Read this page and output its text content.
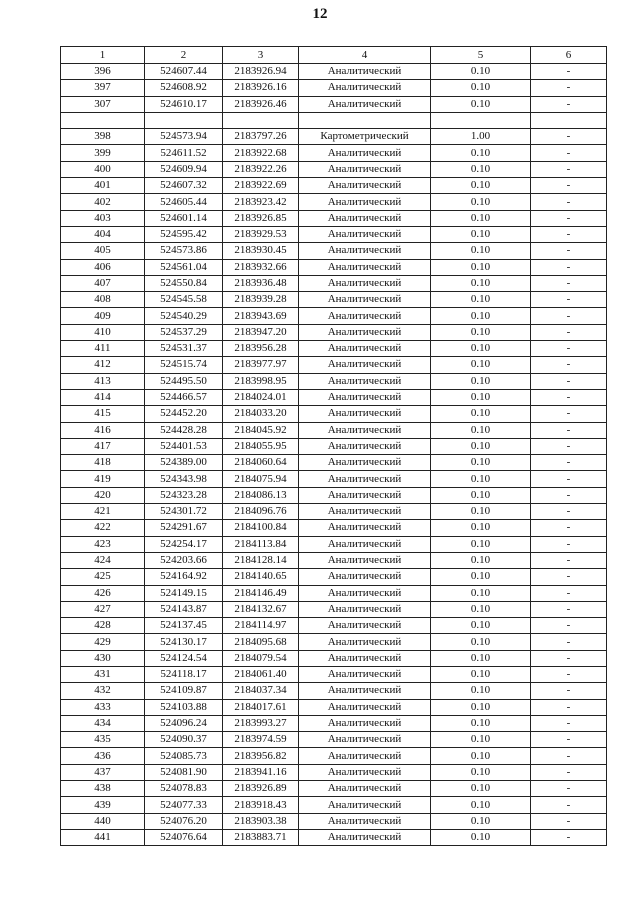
12
1	2	3	4	5	6
396	524607.44	2183926.94	Аналитический	0.10	-
397	524608.92	2183926.16	Аналитический	0.10	-
307	524610.17	2183926.46	Аналитический	0.10	-

398	524573.94	2183797.26	Картометрический	1.00	-
399	524611.52	2183922.68	Аналитический	0.10	-
400	524609.94	2183922.26	Аналитический	0.10	-
401	524607.32	2183922.69	Аналитический	0.10	-
402	524605.44	2183923.42	Аналитический	0.10	-
403	524601.14	2183926.85	Аналитический	0.10	-
404	524595.42	2183929.53	Аналитический	0.10	-
405	524573.86	2183930.45	Аналитический	0.10	-
406	524561.04	2183932.66	Аналитический	0.10	-
407	524550.84	2183936.48	Аналитический	0.10	-
408	524545.58	2183939.28	Аналитический	0.10	-
409	524540.29	2183943.69	Аналитический	0.10	-
410	524537.29	2183947.20	Аналитический	0.10	-
411	524531.37	2183956.28	Аналитический	0.10	-
412	524515.74	2183977.97	Аналитический	0.10	-
413	524495.50	2183998.95	Аналитический	0.10	-
414	524466.57	2184024.01	Аналитический	0.10	-
415	524452.20	2184033.20	Аналитический	0.10	-
416	524428.28	2184045.92	Аналитический	0.10	-
417	524401.53	2184055.95	Аналитический	0.10	-
418	524389.00	2184060.64	Аналитический	0.10	-
419	524343.98	2184075.94	Аналитический	0.10	-
420	524323.28	2184086.13	Аналитический	0.10	-
421	524301.72	2184096.76	Аналитический	0.10	-
422	524291.67	2184100.84	Аналитический	0.10	-
423	524254.17	2184113.84	Аналитический	0.10	-
424	524203.66	2184128.14	Аналитический	0.10	-
425	524164.92	2184140.65	Аналитический	0.10	-
426	524149.15	2184146.49	Аналитический	0.10	-
427	524143.87	2184132.67	Аналитический	0.10	-
428	524137.45	2184114.97	Аналитический	0.10	-
429	524130.17	2184095.68	Аналитический	0.10	-
430	524124.54	2184079.54	Аналитический	0.10	-
431	524118.17	2184061.40	Аналитический	0.10	-
432	524109.87	2184037.34	Аналитический	0.10	-
433	524103.88	2184017.61	Аналитический	0.10	-
434	524096.24	2183993.27	Аналитический	0.10	-
435	524090.37	2183974.59	Аналитический	0.10	-
436	524085.73	2183956.82	Аналитический	0.10	-
437	524081.90	2183941.16	Аналитический	0.10	-
438	524078.83	2183926.89	Аналитический	0.10	-
439	524077.33	2183918.43	Аналитический	0.10	-
440	524076.20	2183903.38	Аналитический	0.10	-
441	524076.64	2183883.71	Аналитический	0.10	-
